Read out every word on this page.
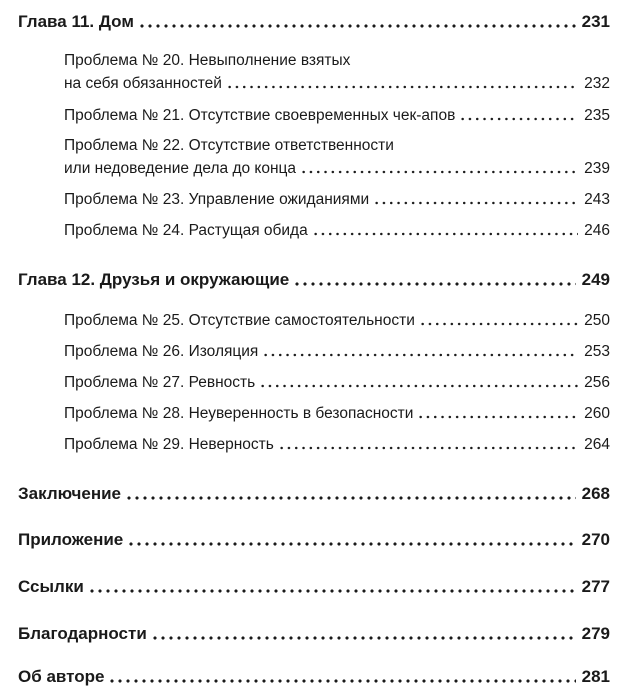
Глава 11. Дом	231
Проблема № 20. Невыполнение взятых
на себя обязанностей	232
Проблема № 21. Отсутствие своевременных чек-апов	235
Проблема № 22. Отсутствие ответственности
или недоведение дела до конца	239
Проблема № 23. Управление ожиданиями	243
Проблема № 24. Растущая обида	246
Глава 12. Друзья и окружающие	249
Проблема № 25. Отсутствие самостоятельности	250
Проблема № 26. Изоляция	253
Проблема № 27. Ревность	256
Проблема № 28. Неуверенность в безопасности	260
Проблема № 29. Неверность	264
Заключение	268
Приложение	270
Ссылки	277
Благодарности	279
Об авторе	281
